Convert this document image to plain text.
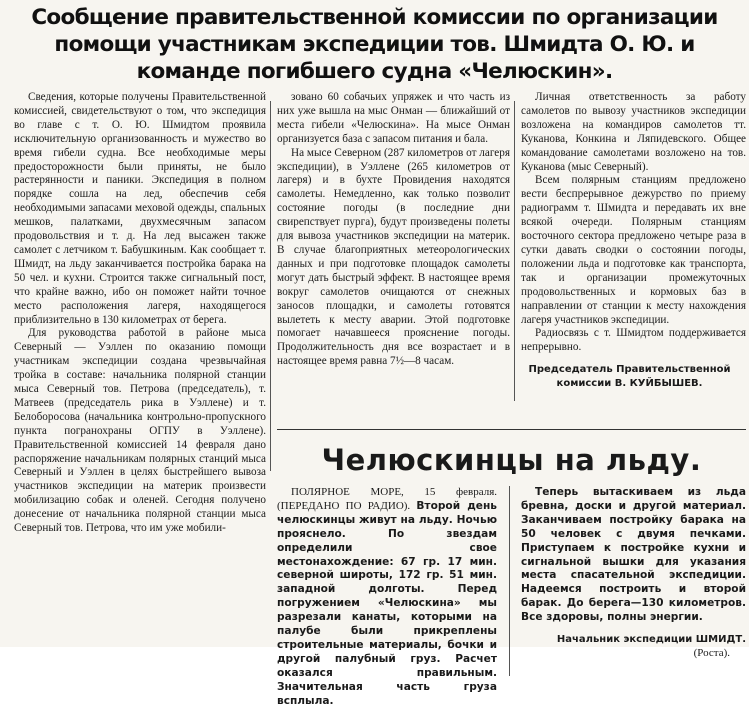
Сообщение правительственной комиссии по организации помощи участникам экспедиции тов. Шмидта О. Ю. и команде погибшего судна «Челюскин».

Сведения, которые получены Правительственной комиссией, свидетельствуют о том, что экспедиция во главе с т. О. Ю. Шмидтом проявила исключительную организованность и мужество во время гибели судна. Все необходимые меры предосторожности были приняты, не было растерянности и паники. Экспедиция в полном порядке сошла на лед, обеспечив себя необходимыми запасами меховой одежды, спальных мешков, палатками, двухмесячным запасом продовольствия и т. д. На лед высажен также самолет с летчиком т. Бабушкиным. Как сообщает т. Шмидт, на льду заканчивается постройка барака на 50 чел. и кухни. Строится также сигнальный пост, что крайне важно, ибо он поможет найти точное место расположения лагеря, находящегося приблизительно в 130 километрах от берега.

Для руководства работой в районе мыса Северный — Уэллен по оказанию помощи участникам экспедиции создана чрезвычайная тройка в составе: начальника полярной станции мыса Северный тов. Петрова (председатель), т. Матвеев (председатель рика в Уэллене) и т. Белоборосова (начальника контрольно-пропускного пункта погранохраны ОГПУ в Уэллене). Правительственной комиссией 14 февраля дано распоряжение начальникам полярных станций мыса Северный и Уэллен в целях быстрейшего вывоза участников экспедиции на материк произвести мобилизацию собак и оленей. Сегодня получено донесение от начальника полярной станции мыса Северный тов. Петрова, что им уже мобили-

зовано 60 собачьих упряжек и что часть из них уже вышла на мыс Онман — ближайший от места гибели «Челюскина». На мысе Онман организуется база с запасом питания и бала.

На мысе Северном (287 километров от лагеря экспедиции), в Уэллене (265 километров от лагеря) и в бухте Провидения находятся самолеты. Немедленно, как только позволит состояние погоды (в последние дни свирепствует пурга), будут произведены полеты для вывоза участников экспедиции на материк. В случае благоприятных метеорологических данных и при подготовке площадок самолеты могут дать быстрый эффект. В настоящее время вокруг самолетов очищаются от снежных заносов площадки, и самолеты готовятся вылететь к месту аварии. Этой подготовке помогает начавшееся прояснение погоды. Продолжительность дня все возрастает и в настоящее время равна 7½—8 часам.

Личная ответственность за работу самолетов по вывозу участников экспедиции возложена на командиров самолетов тт. Куканова, Конкина и Ляпидевского. Общее командование самолетами возложено на тов. Куканова (мыс Северный).

Всем полярным станциям предложено вести беспрерывное дежурство по приему радиограмм т. Шмидта и передавать их вне всякой очереди. Полярным станциям восточного сектора предложено четыре раза в сутки давать сводки о состоянии погоды, положении льда и подготовке как транспорта, так и организации промежуточных продовольственных и кормовых баз в направлении от станции к месту нахождения лагеря участников экспедиции.

Радиосвязь с т. Шмидтом поддерживается непрерывно.

Председатель Правительственной
комиссии В. КУЙБЫШЕВ.
Челюскинцы на льду.

ПОЛЯРНОЕ МОРЕ, 15 февраля. (ПЕРЕДАНО ПО РАДИО). Второй день челюскинцы живут на льду. Ночью прояснело. По звездам определили свое местонахождение: 67 гр. 17 мин. северной широты, 172 гр. 51 мин. западной долготы. Перед погружением «Челюскина» мы разрезали канаты, которыми на палубе были прикреплены строительные материалы, бочки и другой палубный груз. Расчет оказался правильным. Значительная часть груза всплыла.

Теперь вытаскиваем из льда бревна, доски и другой материал. Заканчиваем постройку барака на 50 человек с двумя печками. Приступаем к постройке кухни и сигнальной вышки для указания места спасательной экспедиции. Надеемся построить и второй барак. До берега—130 километров. Все здоровы, полны энергии.

Начальник экспедиции ШМИДТ.
(Роста).
